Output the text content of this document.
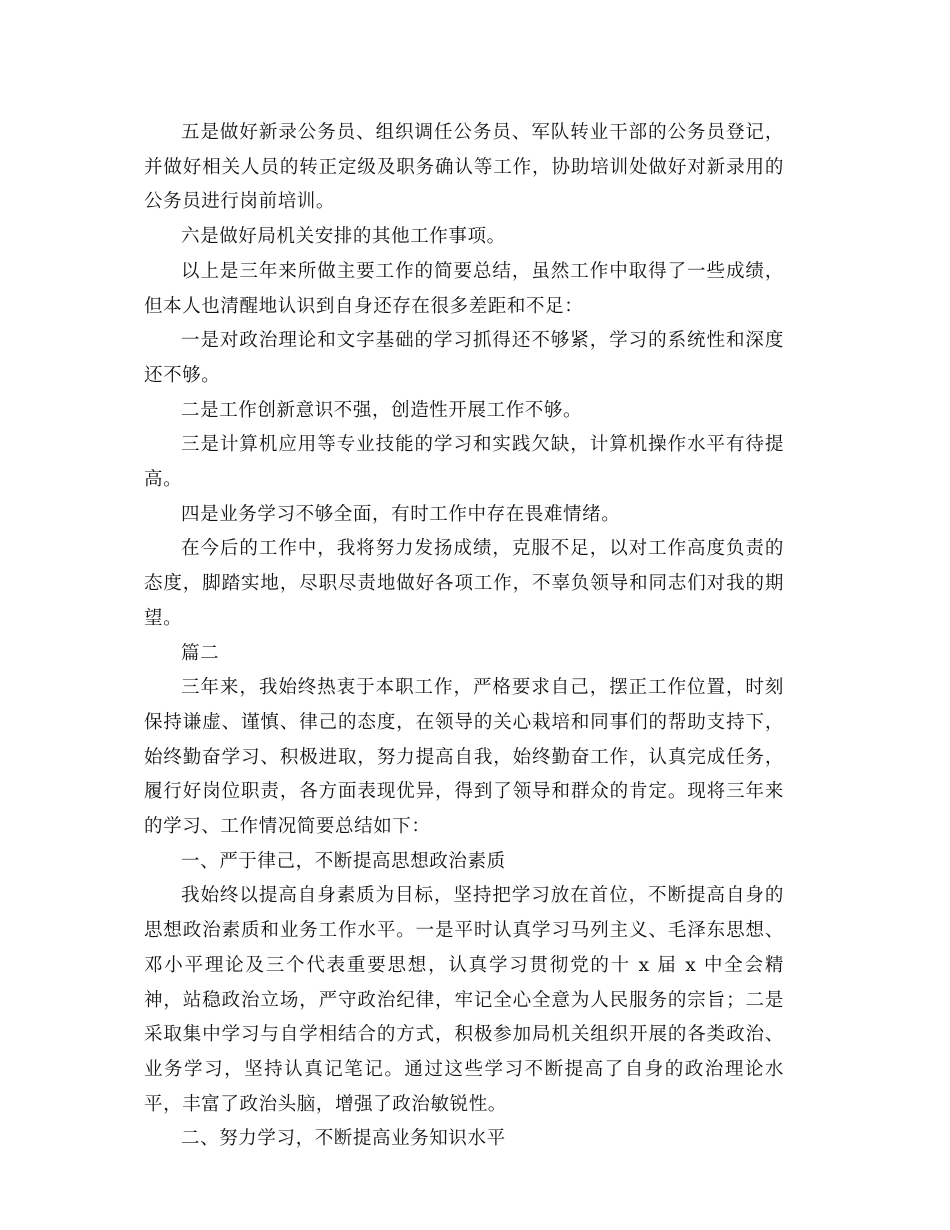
五是做好新录公务员、组织调任公务员、军队转业干部的公务员登记，并做好相关人员的转正定级及职务确认等工作，协助培训处做好对新录用的公务员进行岗前培训。

六是做好局机关安排的其他工作事项。

以上是三年来所做主要工作的简要总结，虽然工作中取得了一些成绩，但本人也清醒地认识到自身还存在很多差距和不足：

一是对政治理论和文字基础的学习抓得还不够紧，学习的系统性和深度还不够。

二是工作创新意识不强，创造性开展工作不够。

三是计算机应用等专业技能的学习和实践欠缺，计算机操作水平有待提高。

四是业务学习不够全面，有时工作中存在畏难情绪。

在今后的工作中，我将努力发扬成绩，克服不足，以对工作高度负责的态度，脚踏实地，尽职尽责地做好各项工作，不辜负领导和同志们对我的期望。

篇二

三年来，我始终热衷于本职工作，严格要求自己，摆正工作位置，时刻保持谦虚、谨慎、律己的态度，在领导的关心栽培和同事们的帮助支持下，始终勤奋学习、积极进取，努力提高自我，始终勤奋工作，认真完成任务，履行好岗位职责，各方面表现优异，得到了领导和群众的肯定。现将三年来的学习、工作情况简要总结如下：

一、严于律己，不断提高思想政治素质

我始终以提高自身素质为目标，坚持把学习放在首位，不断提高自身的思想政治素质和业务工作水平。一是平时认真学习马列主义、毛泽东思想、邓小平理论及三个代表重要思想，认真学习贯彻党的十 x 届 x 中全会精神，站稳政治立场，严守政治纪律，牢记全心全意为人民服务的宗旨；二是采取集中学习与自学相结合的方式，积极参加局机关组织开展的各类政治、业务学习，坚持认真记笔记。通过这些学习不断提高了自身的政治理论水平，丰富了政治头脑，增强了政治敏锐性。

二、努力学习，不断提高业务知识水平
